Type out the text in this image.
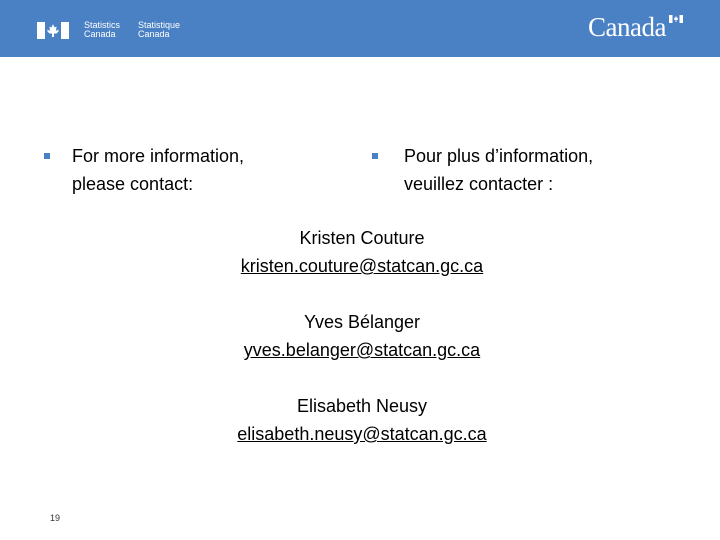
Statistics
Canada
Statistique
Canada	Canada

For more information,
please contact:

Pour plus d’information,
veuillez contacter :

Kristen Couture
kristen.couture@statcan.gc.ca
Yves Bélanger
yves.belanger@statcan.gc.ca
Elisabeth Neusy
elisabeth.neusy@statcan.gc.ca
19
